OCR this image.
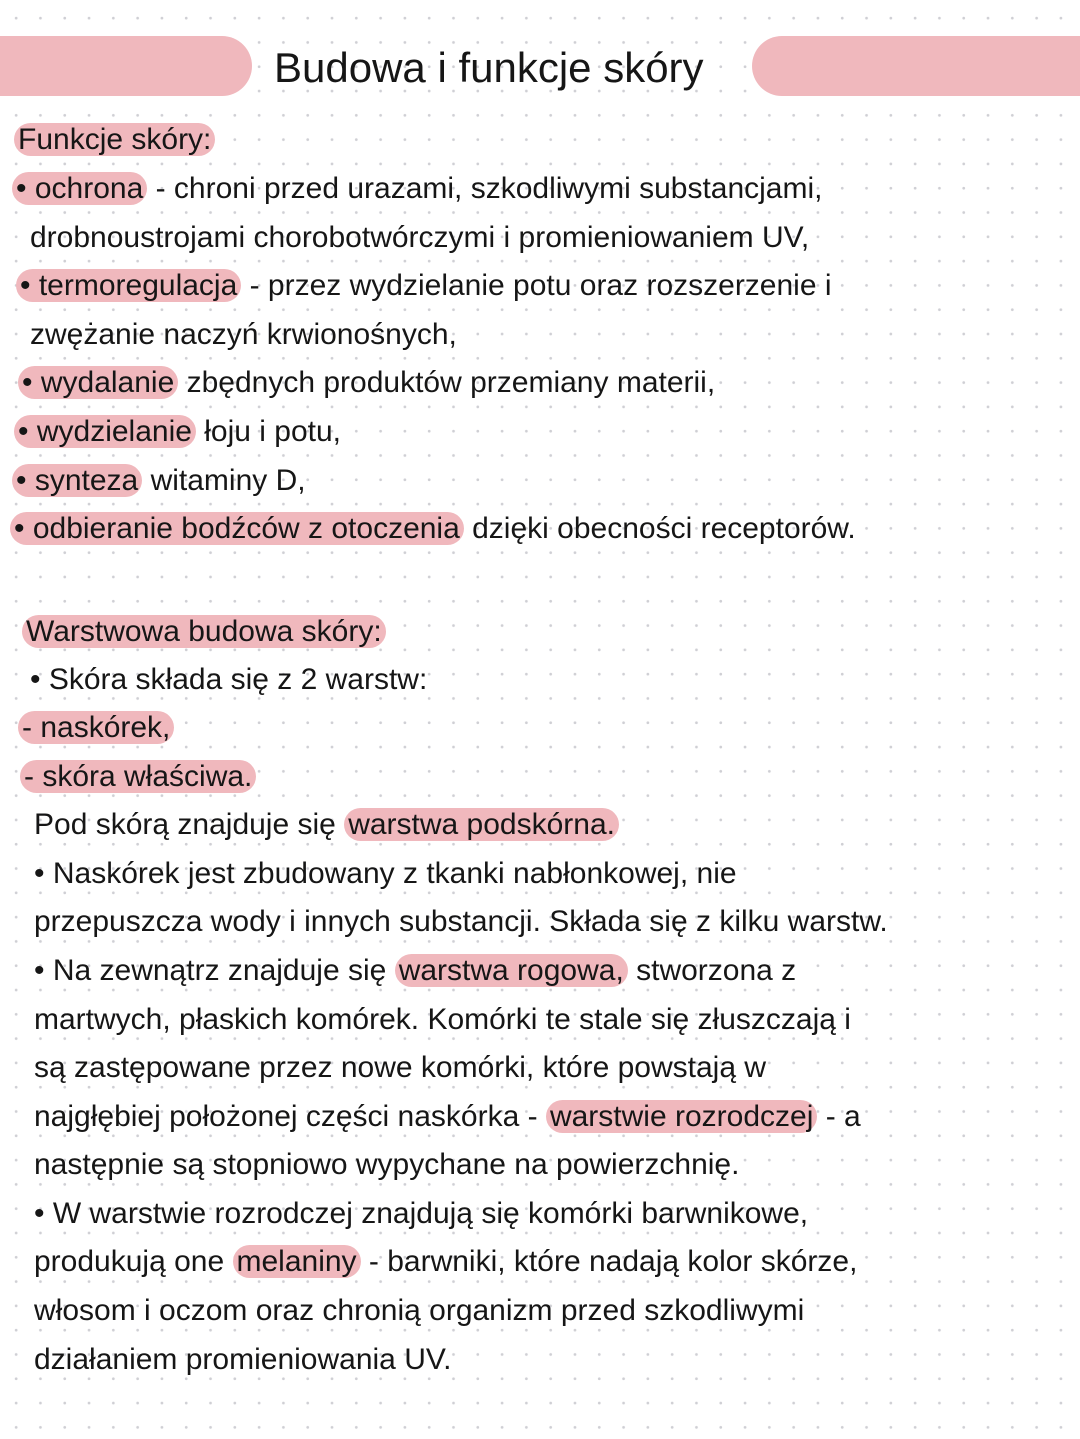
Budowa i funkcje skóry
Funkcje skóry:
• ochrona - chroni przed urazami, szkodliwymi substancjami,
drobnoustrojami chorobotwórczymi i promieniowaniem UV,
• termoregulacja - przez wydzielanie potu oraz rozszerzenie i
zwężanie naczyń krwionośnych,
• wydalanie zbędnych produktów przemiany materii,
• wydzielanie łoju i potu,
• synteza witaminy D,
• odbieranie bodźców z otoczenia dzięki obecności receptorów.
Warstwowa budowa skóry:
• Skóra składa się z 2 warstw:
- naskórek,
- skóra właściwa.
Pod skórą znajduje się warstwa podskórna.
• Naskórek jest zbudowany z tkanki nabłonkowej, nie
przepuszcza wody i innych substancji. Składa się z kilku warstw.
• Na zewnątrz znajduje się warstwa rogowa, stworzona z
martwych, płaskich komórek. Komórki te stale się złuszczają i
są zastępowane przez nowe komórki, które powstają w
najgłębiej położonej części naskórka - warstwie rozrodczej - a
następnie są stopniowo wypychane na powierzchnię.
• W warstwie rozrodczej znajdują się komórki barwnikowe,
produkują one melaniny - barwniki, które nadają kolor skórze,
włosom i oczom oraz chronią organizm przed szkodliwymi
działaniem promieniowania UV.
